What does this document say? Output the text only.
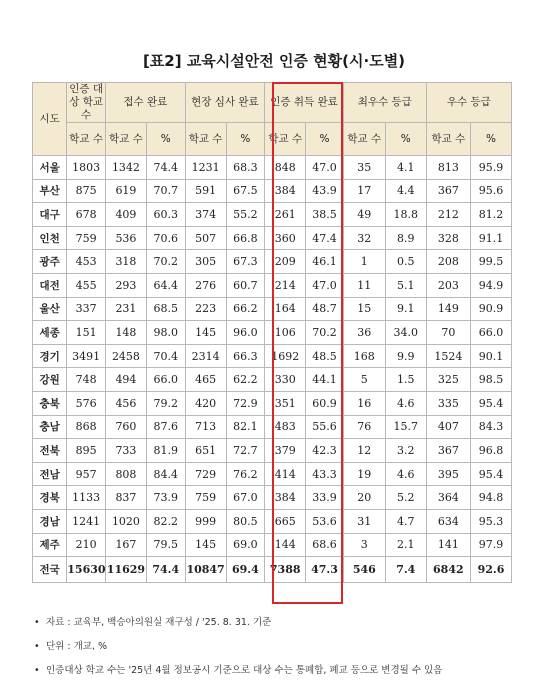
[표2] 교육시설안전 인증 현황(시·도별)
시도	인증 대상 학교 수	접수 완료		현장 심사 완료		인증 취득 완료		최우수 등급		우수 등급	
	학교 수	학교 수	%	학교 수	%	학교 수	%	학교 수	%	학교 수	%
서울	1803	1342	74.4	1231	68.3	848	47.0	35	4.1	813	95.9
부산	875	619	70.7	591	67.5	384	43.9	17	4.4	367	95.6
대구	678	409	60.3	374	55.2	261	38.5	49	18.8	212	81.2
인천	759	536	70.6	507	66.8	360	47.4	32	8.9	328	91.1
광주	453	318	70.2	305	67.3	209	46.1	1	0.5	208	99.5
대전	455	293	64.4	276	60.7	214	47.0	11	5.1	203	94.9
울산	337	231	68.5	223	66.2	164	48.7	15	9.1	149	90.9
세종	151	148	98.0	145	96.0	106	70.2	36	34.0	70	66.0
경기	3491	2458	70.4	2314	66.3	1692	48.5	168	9.9	1524	90.1
강원	748	494	66.0	465	62.2	330	44.1	5	1.5	325	98.5
충북	576	456	79.2	420	72.9	351	60.9	16	4.6	335	95.4
충남	868	760	87.6	713	82.1	483	55.6	76	15.7	407	84.3
전북	895	733	81.9	651	72.7	379	42.3	12	3.2	367	96.8
전남	957	808	84.4	729	76.2	414	43.3	19	4.6	395	95.4
경북	1133	837	73.9	759	67.0	384	33.9	20	5.2	364	94.8
경남	1241	1020	82.2	999	80.5	665	53.6	31	4.7	634	95.3
제주	210	167	79.5	145	69.0	144	68.6	3	2.1	141	97.9
전국	15630	11629	74.4	10847	69.4	7388	47.3	546	7.4	6842	92.6
• 자료 : 교육부, 백승아의원실 재구성 / '25. 8. 31. 기준
• 단위 : 개교, %
• 인증대상 학교 수는 '25년 4월 정보공시 기준으로 대상 수는 통폐합, 폐교 등으로 변경될 수 있음
